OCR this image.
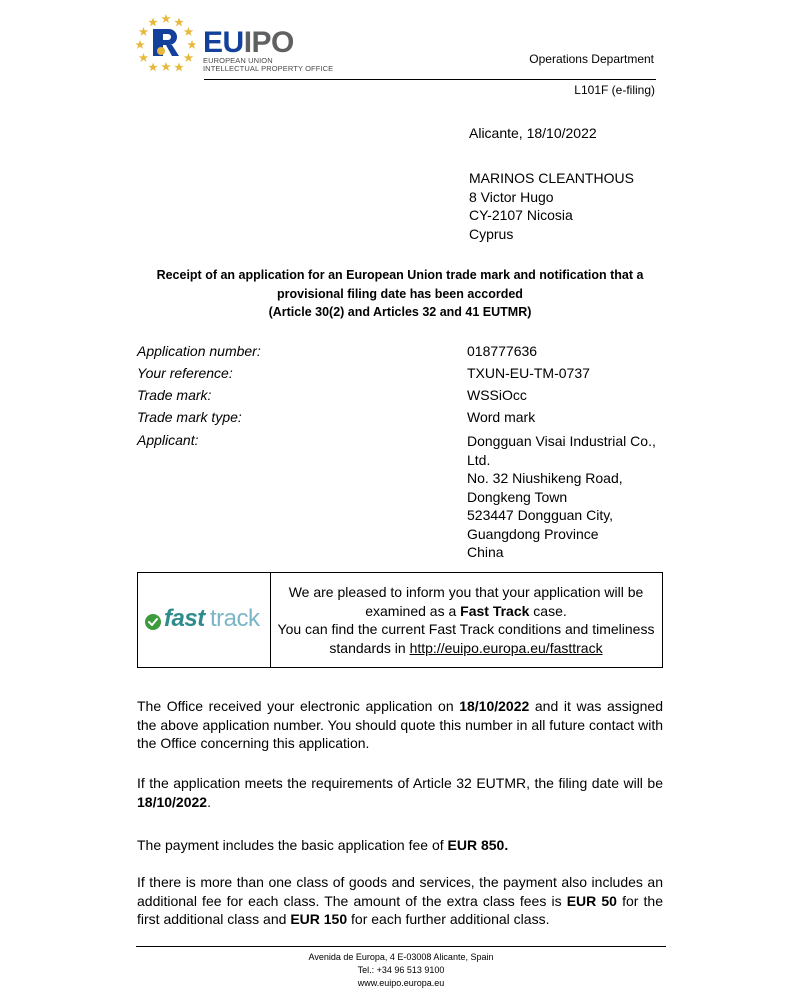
EUIPO
EUROPEAN UNION
INTELLECTUAL PROPERTY OFFICE
Operations Department
L101F (e-filing)
Alicante, 18/10/2022
MARINOS CLEANTHOUS
8 Victor Hugo
CY-2107 Nicosia
Cyprus
Receipt of an application for an European Union trade mark and notification that a
provisional filing date has been accorded
(Article 30(2) and Articles 32 and 41 EUTMR)
Application number:	018777636
Your reference:	TXUN-EU-TM-0737
Trade mark:	WSSiOcc
Trade mark type:	Word mark
Applicant:	Dongguan Visai Industrial Co.,
Ltd.
No. 32 Niushikeng Road,
Dongkeng Town
523447 Dongguan City,
Guangdong Province
China
fast track
We are pleased to inform you that your application will be
examined as a Fast Track case.
You can find the current Fast Track conditions and timeliness
standards in http://euipo.europa.eu/fasttrack
The Office received your electronic application on 18/10/2022 and it was assigned the above application number. You should quote this number in all future contact with the Office concerning this application.
If the application meets the requirements of Article 32 EUTMR, the filing date will be 18/10/2022.
The payment includes the basic application fee of EUR 850.
If there is more than one class of goods and services, the payment also includes an additional fee for each class. The amount of the extra class fees is EUR 50 for the first additional class and EUR 150 for each further additional class.
Avenida de Europa, 4 E-03008 Alicante, Spain
Tel.: +34 96 513 9100
www.euipo.europa.eu
